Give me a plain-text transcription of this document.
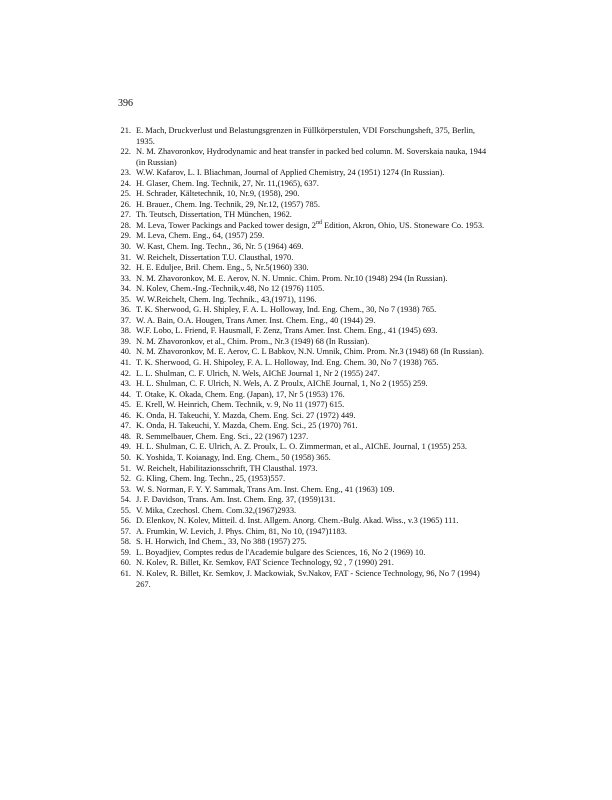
396
21. E. Mach, Druckverlust und Belastungsgrenzen in Füllkörperstulen, VDI Forschungsheft, 375, Berlin, 1935.
22. N. M. Zhavoronkov, Hydrodynamic and heat transfer in packed bed column. M. Soverskaia nauka, 1944 (in Russian)
23. W.W. Kafarov, L. I. Bliachman, Journal of Applied Chemistry, 24 (1951) 1274 (In Russian).
24. H. Glaser, Chem. Ing. Technik, 27, Nr. 11,(1965), 637.
25. H. Schrader, Kältetechnik, 10, Nr.9, (1958), 290.
26. H. Brauer., Chem. Ing. Technik, 29, Nr.12, (1957) 785.
27. Th. Teutsch, Dissertation, TH München, 1962.
28. M. Leva, Tower Packings and Packed tower design, 2nd Edition, Akron, Ohio, US. Stoneware Co. 1953.
29. M. Leva, Chem. Eng., 64, (1957) 259.
30. W. Kast, Chem. Ing. Techn., 36, Nr. 5 (1964) 469.
31. W. Reichelt, Dissertation T.U. Clausthal, 1970.
32. H. E. Eduljee, Bril. Chem. Eng., 5, Nr.5(1960) 330.
33. N. M. Zhavoronkov, M. E. Aerov, N. N. Umnic. Chim. Prom. Nr.10 (1948) 294 (In Russian).
34. N. Kolev, Chem.-Ing.-Technik,v.48, No 12 (1976) 1105.
35. W. W.Reichelt, Chem. Ing. Technik., 43,(1971), 1196.
36. T. K. Sherwood, G. H. Shipley, F. A. L. Holloway, Ind. Eng. Chem., 30, No 7 (1938) 765.
37. W. A. Bain, O.A. Hougen, Trans Amer. Inst. Chem. Eng., 40 (1944) 29.
38. W.F. Lobo, L. Friend, F. Hausmall, F. Zenz, Trans Amer. Inst. Chem. Eng., 41 (1945) 693.
39. N. M. Zhavoronkov, et al., Chim. Prom., Nr.3 (1949) 68 (In Russian).
40. N. M. Zhavoronkov, M. E. Aerov, C. L Babkov, N.N. Umnik, Chim. Prom. Nr.3 (1948) 68 (In Russian).
41. T. K. Sherwood, G. H. Shipoley, F. A. L. Holloway, Ind. Eng. Chem. 30, No 7 (1938) 765.
42. L. L. Shulman, C. F. Ulrich, N. Wels, AIChE Journal 1, Nr 2 (1955) 247.
43. H. L. Shulman, C. F. Ulrich, N. Wels, A. Z Proulx, AIChE Journal, 1, No 2 (1955) 259.
44. T. Otake, K. Okada, Chem. Eng. (Japan), 17, Nr 5 (1953) 176.
45. E. Krell, W. Heinrich, Chem. Technik, v. 9, No 11 (1977) 615.
46. K. Onda, H. Takeuchi, Y. Mazda, Chem. Eng. Sci. 27 (1972) 449.
47. K. Onda, H. Takeuchi, Y. Mazda, Chem. Eng. Sci., 25 (1970) 761.
48. R. Semmelbauer, Chem. Eng. Sci., 22 (1967) 1237.
49. H. L. Shulman, C. E. Ulrich, A. Z. Proulx, L. O. Zimmerman, et al., AIChE. Journal, 1 (1955) 253.
50. K. Yoshida, T. Koianagy, Ind. Eng. Chem., 50 (1958) 365.
51. W. Reichelt, Habilitazionsschrift, TH Clausthal. 1973.
52. G. Kling, Chem. Ing. Techn., 25, (1953)557.
53. W. S. Norman, F. Y. Y. Sammak, Trans Am. Inst. Chem. Eng., 41 (1963) 109.
54. J. F. Davidson, Trans. Am. Inst. Chem. Eng. 37, (1959)131.
55. V. Mika, Czechosl. Chem. Com.32,(1967)2933.
56. D. Elenkov, N. Kolev, Mitteil. d. Inst. Allgem. Anorg. Chem.-Bulg. Akad. Wiss., v.3 (1965) 111.
57. A. Frumkin, W. Levich, J. Phys. Chim, 81, No 10, (1947)1183.
58. S. H. Horwich, Ind Chem., 33, No 388 (1957) 275.
59. L. Boyadjiev, Comptes redus de l'Academie bulgare des Sciences, 16, No 2 (1969) 10.
60. N. Kolev, R. Billet, Kr. Semkov, FAT Science Technology, 92 , 7 (1990) 291.
61. N. Kolev, R. Billet, Kr. Semkov, J. Mackowiak, Sv.Nakov, FAT - Science Technology, 96, No 7 (1994) 267.
